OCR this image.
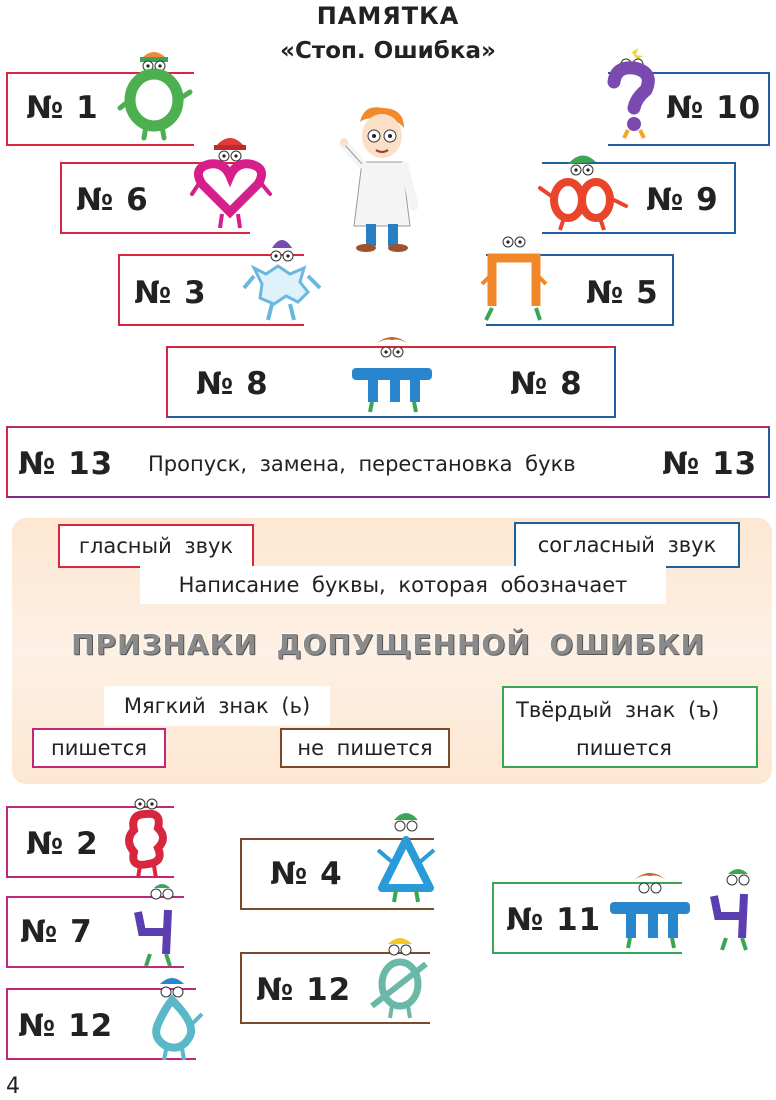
ПАМЯТКА
«Стоп. Ошибка»
№ 1	№ 10
№ 6	№ 9
№ 3	№ 5
№ 8	№ 8
№ 13 Пропуск, замена, перестановка букв	№ 13
гласный звук	согласный звук
Написание буквы, которая обозначает
ПРИЗНАКИ ДОПУЩЕННОЙ ОШИБКИ
Мягкий знак (ь)
пишется	не пишется
Твёрдый знак (ъ)
пишется
№ 2
№ 7
№ 12
№ 4
№ 12
№ 11
4
